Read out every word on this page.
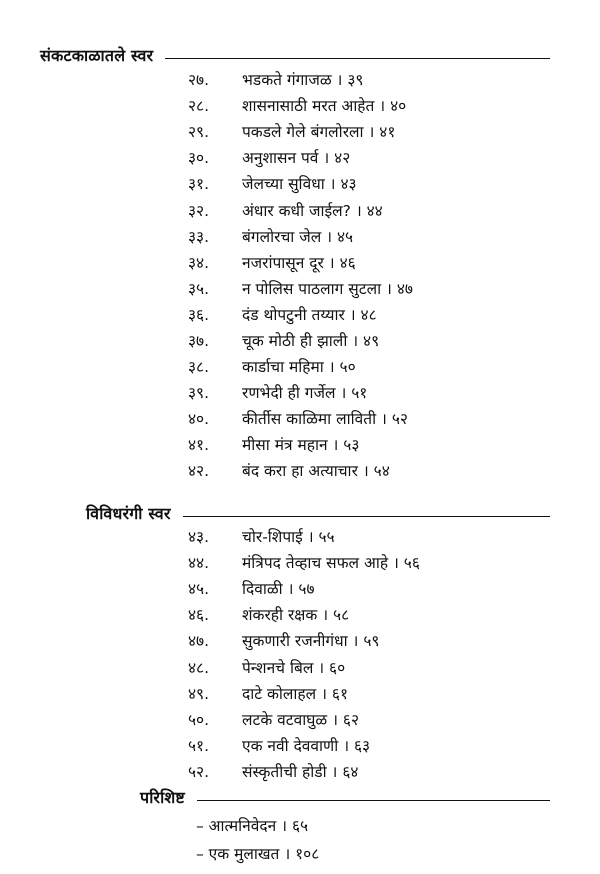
संकटकाळातले स्वर
२७.	भडकते गंगाजळ । ३९
२८.	शासनासाठी मरत आहेत । ४०
२९.	पकडले गेले बंगलोरला । ४१
३०.	अनुशासन पर्व । ४२
३१.	जेलच्या सुविधा । ४३
३२.	अंधार कधी जाईल? । ४४
३३.	बंगलोरचा जेल । ४५
३४.	नजरांपासून दूर । ४६
३५.	न पोलिस पाठलाग सुटला । ४७
३६.	दंड थोपटुनी तय्यार । ४८
३७.	चूक मोठी ही झाली । ४९
३८.	कार्डाचा महिमा । ५०
३९.	रणभेदी ही गर्जेल । ५१
४०.	कीर्तीस काळिमा लाविती । ५२
४१.	मीसा मंत्र महान । ५३
४२.	बंद करा हा अत्याचार । ५४
विविधरंगी स्वर
४३.	चोर-शिपाई । ५५
४४.	मंत्रिपद तेव्हाच सफल आहे । ५६
४५.	दिवाळी । ५७
४६.	शंकरही रक्षक । ५८
४७.	सुकणारी रजनीगंधा । ५९
४८.	पेन्शनचे बिल । ६०
४९.	दाटे कोलाहल । ६१
५०.	लटके वटवाघुळ । ६२
५१.	एक नवी देववाणी । ६३
५२.	संस्कृतीची होडी । ६४
परिशिष्ट
– आत्मनिवेदन । ६५
– एक मुलाखत । १०८
